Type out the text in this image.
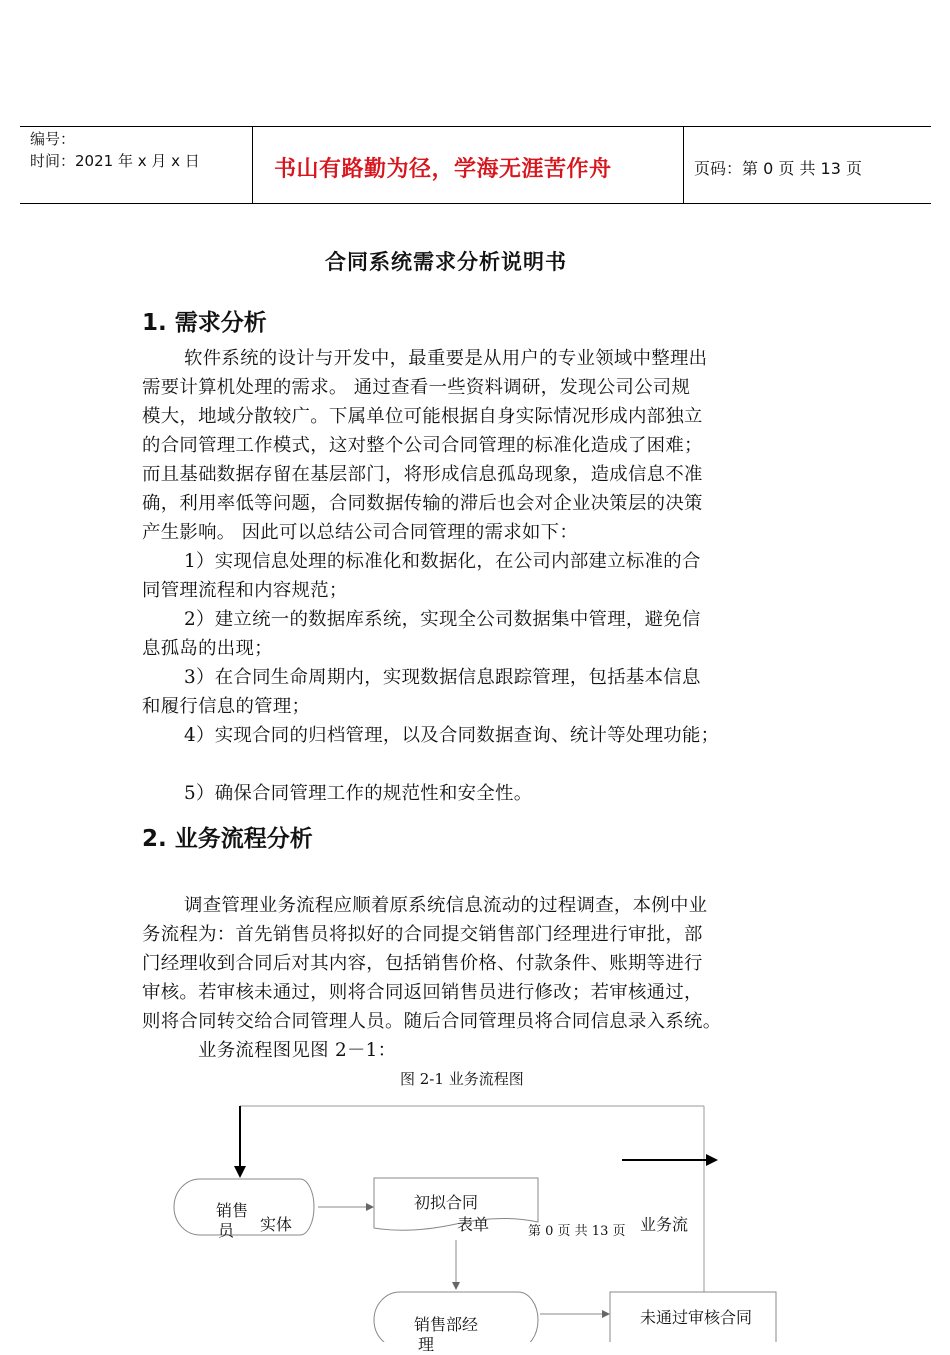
编号：
时间：2021 年 x 月 x 日	书山有路勤为径，学海无涯苦作舟	页码：第 0 页 共 13 页
合同系统需求分析说明书
1. 需求分析

软件系统的设计与开发中，最重要是从用户的专业领域中整理出

需要计算机处理的需求。 通过查看一些资料调研，发现公司公司规

模大，地域分散较广。下属单位可能根据自身实际情况形成内部独立

的合同管理工作模式，这对整个公司合同管理的标准化造成了困难；

而且基础数据存留在基层部门，将形成信息孤岛现象，造成信息不准

确，利用率低等问题，合同数据传输的滞后也会对企业决策层的决策

产生影响。 因此可以总结公司合同管理的需求如下：

1）实现信息处理的标准化和数据化，在公司内部建立标准的合

同管理流程和内容规范；

2）建立统一的数据库系统，实现全公司数据集中管理，避免信

息孤岛的出现；

3）在合同生命周期内，实现数据信息跟踪管理，包括基本信息

和履行信息的管理；

4）实现合同的归档管理，以及合同数据查询、统计等处理功能；

5）确保合同管理工作的规范性和安全性。

2. 业务流程分析

调查管理业务流程应顺着原系统信息流动的过程调查，本例中业

务流程为：首先销售员将拟好的合同提交销售部门经理进行审批，部

门经理收到合同后对其内容，包括销售价格、付款条件、账期等进行

审核。若审核未通过，则将合同返回销售员进行修改；若审核通过，

则将合同转交给合同管理人员。随后合同管理员将合同信息录入系统。

业务流程图见图 2－1：
图 2-1 业务流程图
销售
员 实体
初拟合同
表单	业务流
第 0 页 共 13 页
销售部经
理
未通过审核合同
